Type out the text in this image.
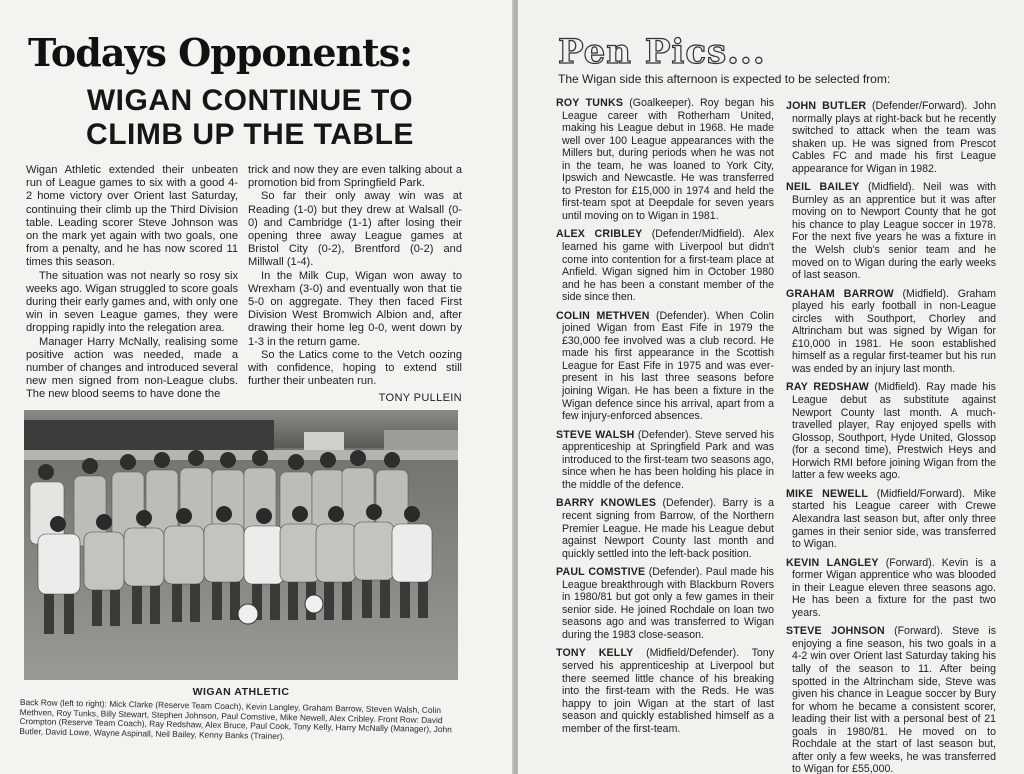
Todays Opponents:
WIGAN CONTINUE TO
CLIMB UP THE TABLE

Wigan Athletic extended their unbeaten run of League games to six with a good 4-2 home victory over Orient last Saturday, continuing their climb up the Third Division table. Leading scorer Steve Johnson was on the mark yet again with two goals, one from a penalty, and he has now scored 11 times this season.

The situation was not nearly so rosy six weeks ago. Wigan struggled to score goals during their early games and, with only one win in seven League games, they were dropping rapidly into the relegation area.

Manager Harry McNally, realising some positive action was needed, made a number of changes and introduced several new men signed from non-League clubs. The new blood seems to have done the

trick and now they are even talking about a promotion bid from Springfield Park.

So far their only away win was at Reading (1-0) but they drew at Walsall (0-0) and Cambridge (1-1) after losing their opening three away League games at Bristol City (0-2), Brentford (0-2) and Millwall (1-4).

In the Milk Cup, Wigan won away to Wrexham (3-0) and eventually won that tie 5-0 on aggregate. They then faced First Division West Bromwich Albion and, after drawing their home leg 0-0, went down by 1-3 in the return game.

So the Latics come to the Vetch oozing with confidence, hoping to extend still further their unbeaten run.

TONY PULLEIN

WIGAN ATHLETIC
Back Row (left to right): Mick Clarke (Reserve Team Coach), Kevin Langley, Graham Barrow, Steven Walsh, Colin Methven, Roy Tunks, Billy Stewart, Stephen Johnson, Paul Comstive, Mike Newell, Alex Cribley. Front Row: David Crompton (Reserve Team Coach), Ray Redshaw, Alex Bruce, Paul Cook, Tony Kelly, Harry McNally (Manager), John Butler, David Lowe, Wayne Aspinall, Neil Bailey, Kenny Banks (Trainer).
Pen Pics...
The Wigan side this afternoon is expected to be selected from:

ROY TUNKS (Goalkeeper). Roy began his League career with Rotherham United, making his League debut in 1968. He made well over 100 League appearances with the Millers but, during periods when he was not in the team, he was loaned to York City, Ipswich and Newcastle. He was transferred to Preston for £15,000 in 1974 and held the first-team spot at Deepdale for seven years until moving on to Wigan in 1981.

ALEX CRIBLEY (Defender/Midfield). Alex learned his game with Liverpool but didn't come into contention for a first-team place at Anfield. Wigan signed him in October 1980 and he has been a constant member of the side since then.

COLIN METHVEN (Defender). When Colin joined Wigan from East Fife in 1979 the £30,000 fee involved was a club record. He made his first appearance in the Scottish League for East Fife in 1975 and was ever-present in his last three seasons before joining Wigan. He has been a fixture in the Wigan defence since his arrival, apart from a few injury-enforced absences.

STEVE WALSH (Defender). Steve served his apprenticeship at Springfield Park and was introduced to the first-team two seasons ago, since when he has been holding his place in the middle of the defence.

BARRY KNOWLES (Defender). Barry is a recent signing from Barrow, of the Northern Premier League. He made his League debut against Newport County last month and quickly settled into the left-back position.

PAUL COMSTIVE (Defender). Paul made his League breakthrough with Blackburn Rovers in 1980/81 but got only a few games in their senior side. He joined Rochdale on loan two seasons ago and was transferred to Wigan during the 1983 close-season.

TONY KELLY (Midfield/Defender). Tony served his apprenticeship at Liverpool but there seemed little chance of his breaking into the first-team with the Reds. He was happy to join Wigan at the start of last season and quickly established himself as a member of the first-team.

JOHN BUTLER (Defender/Forward). John normally plays at right-back but he recently switched to attack when the team was shaken up. He was signed from Prescot Cables FC and made his first League appearance for Wigan in 1982.

NEIL BAILEY (Midfield). Neil was with Burnley as an apprentice but it was after moving on to Newport County that he got his chance to play League soccer in 1978. For the next five years he was a fixture in the Welsh club's senior team and he moved on to Wigan during the early weeks of last season.

GRAHAM BARROW (Midfield). Graham played his early football in non-League circles with Southport, Chorley and Altrincham but was signed by Wigan for £10,000 in 1981. He soon established himself as a regular first-teamer but his run was ended by an injury last month.

RAY REDSHAW (Midfield). Ray made his League debut as substitute against Newport County last month. A much-travelled player, Ray enjoyed spells with Glossop, Southport, Hyde United, Glossop (for a second time), Prestwich Heys and Horwich RMI before joining Wigan from the latter a few weeks ago.

MIKE NEWELL (Midfield/Forward). Mike started his League career with Crewe Alexandra last season but, after only three games in their senior side, was transferred to Wigan.

KEVIN LANGLEY (Forward). Kevin is a former Wigan apprentice who was blooded in their League eleven three seasons ago. He has been a fixture for the past two years.

STEVE JOHNSON (Forward). Steve is enjoying a fine season, his two goals in a 4-2 win over Orient last Saturday taking his tally of the season to 11. After being spotted in the Altrincham side, Steve was given his chance in League soccer by Bury for whom he became a consistent scorer, leading their list with a personal best of 21 goals in 1980/81. He moved on to Rochdale at the start of last season but, after only a few weeks, he was transferred to Wigan for £55,000.
